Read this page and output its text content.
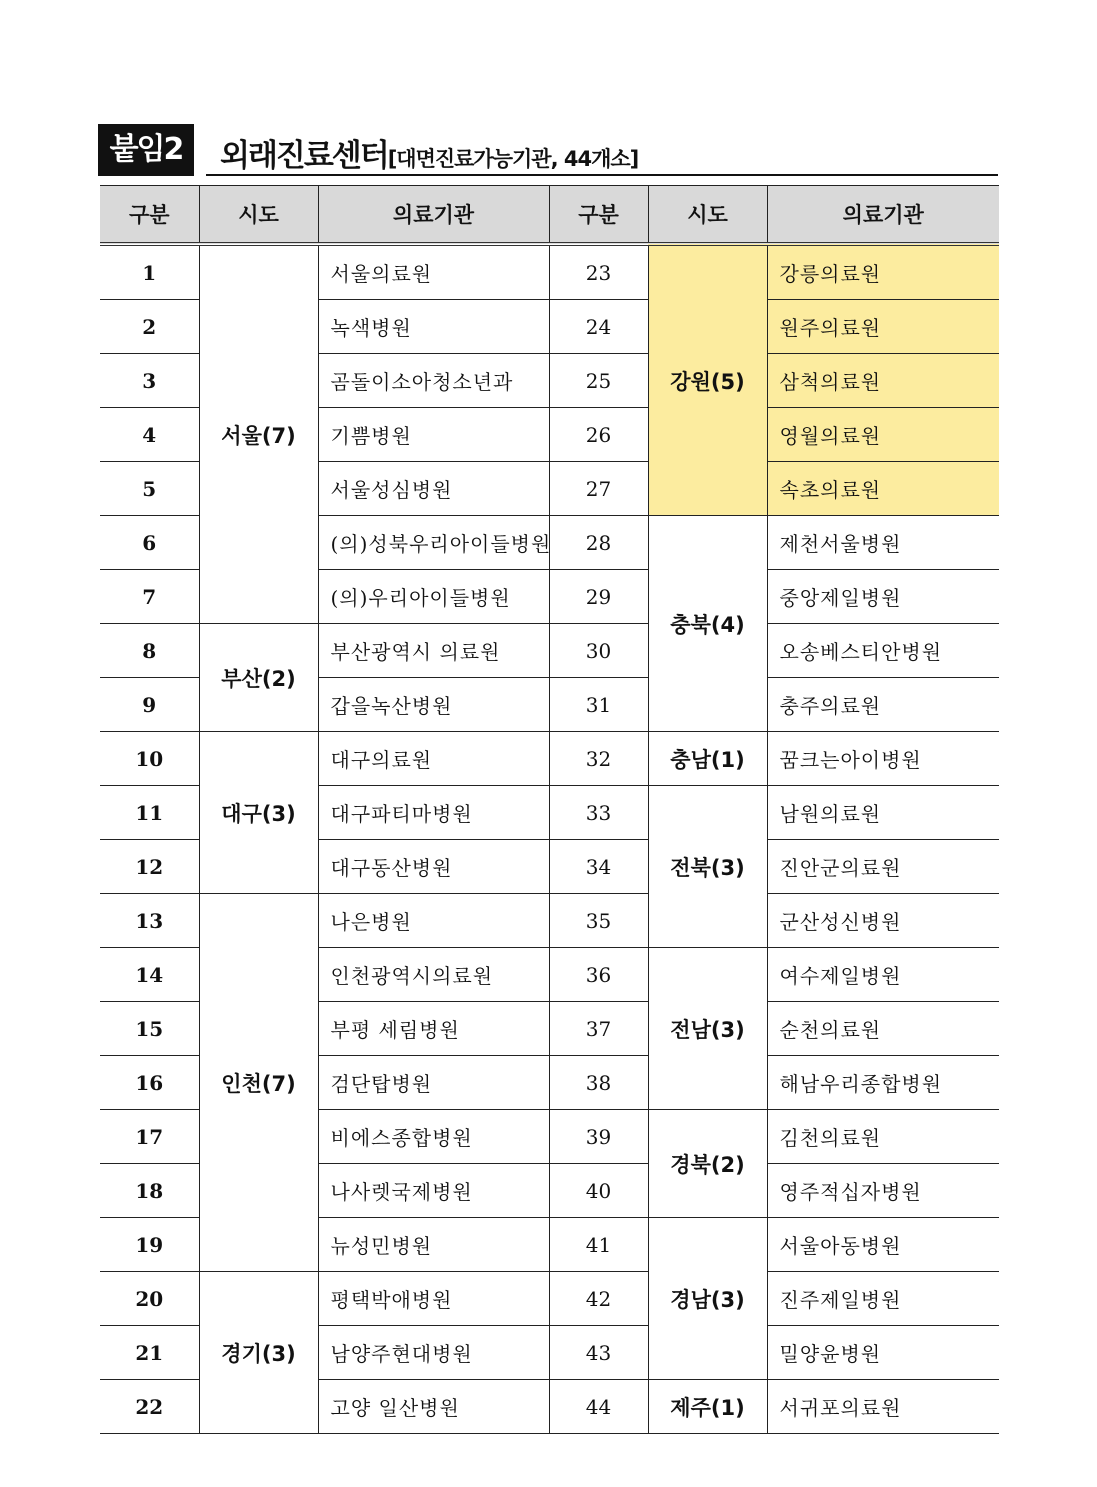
붙임2	외래진료센터[대면진료가능기관, 44개소]
구분	시도	의료기관	구분	시도	의료기관
1	서울(7)	서울의료원	23	강원(5)	강릉의료원
2		녹색병원	24		원주의료원
3		곰돌이소아청소년과	25		삼척의료원
4		기쁨병원	26		영월의료원
5		서울성심병원	27		속초의료원
6		(의)성북우리아이들병원	28	충북(4)	제천서울병원
7		(의)우리아이들병원	29		중앙제일병원
8	부산(2)	부산광역시 의료원	30		오송베스티안병원
9		갑을녹산병원	31		충주의료원
10	대구(3)	대구의료원	32	충남(1)	꿈크는아이병원
11		대구파티마병원	33	전북(3)	남원의료원
12		대구동산병원	34		진안군의료원
13	인천(7)	나은병원	35		군산성신병원
14		인천광역시의료원	36	전남(3)	여수제일병원
15		부평 세림병원	37		순천의료원
16		검단탑병원	38		해남우리종합병원
17		비에스종합병원	39	경북(2)	김천의료원
18		나사렛국제병원	40		영주적십자병원
19		뉴성민병원	41	경남(3)	서울아동병원
20	경기(3)	평택박애병원	42		진주제일병원
21		남양주현대병원	43		밀양윤병원
22		고양 일산병원	44	제주(1)	서귀포의료원
